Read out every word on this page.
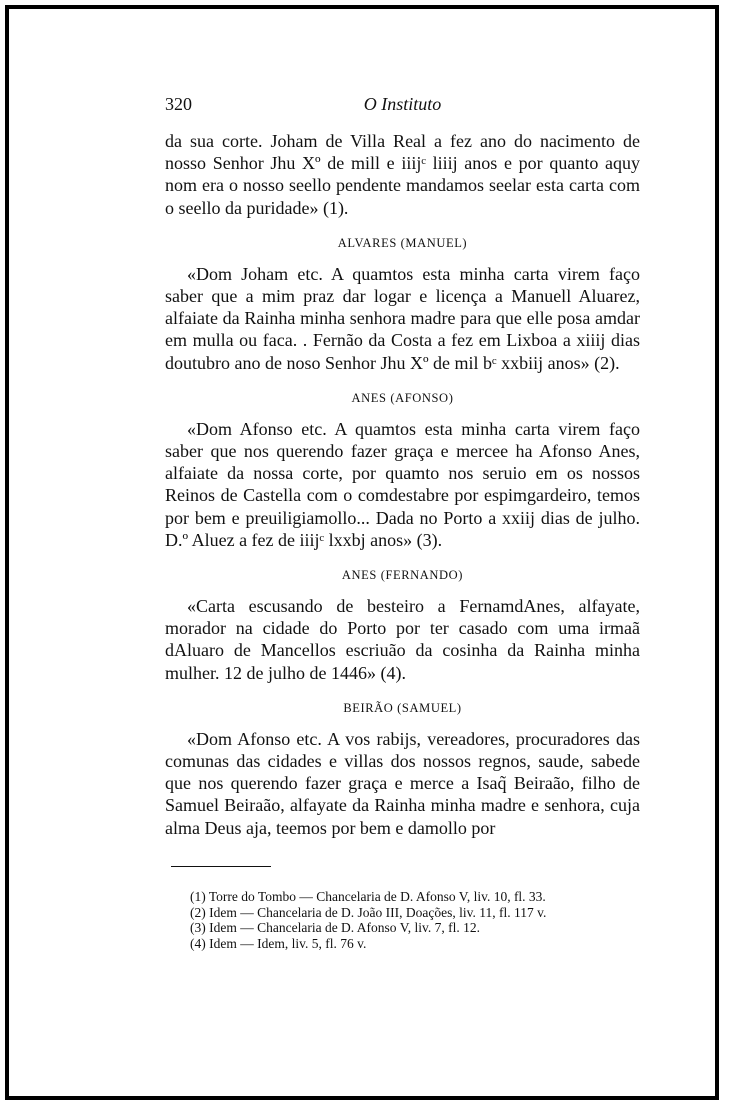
320	O Instituto

da sua corte. Joham de Villa Real a fez ano do nacimento de nosso Senhor Jhu Xº de mill e iiijᶜ liiij anos e por quanto aquy nom era o nosso seello pendente mandamos seelar esta carta com o seello da puridade» (1).

ALVARES (MANUEL)

«Dom Joham etc. A quamtos esta minha carta virem faço saber que a mim praz dar logar e licença a Manuell Aluarez, alfaiate da Rainha minha senhora madre para que elle posa amdar em mulla ou faca. . Fernão da Costa a fez em Lixboa a xiiij dias doutubro ano de noso Senhor Jhu Xº de mil bᶜ xxbiij anos» (2).

ANES (AFONSO)

«Dom Afonso etc. A quamtos esta minha carta virem faço saber que nos querendo fazer graça e mercee ha Afonso Anes, alfaiate da nossa corte, por quamto nos seruio em os nossos Reinos de Castella com o comdestabre por espimgardeiro, temos por bem e preuiligiamollo... Dada no Porto a xxiij dias de julho. D.º Aluez a fez de iiijᶜ lxxbj anos» (3).

ANES (FERNANDO)

«Carta escusando de besteiro a FernamdAnes, alfayate, morador na cidade do Porto por ter casado com uma irmaã dAluaro de Mancellos escriuão da cosinha da Rainha minha mulher. 12 de julho de 1446» (4).

BEIRÃO (SAMUEL)

«Dom Afonso etc. A vos rabijs, vereadores, procuradores das comunas das cidades e villas dos nossos regnos, saude, sabede que nos querendo fazer graça e merce a Isaq̃ Beiraão, filho de Samuel Beiraão, alfayate da Rainha minha madre e senhora, cuja alma Deus aja, teemos por bem e damollo por

(1) Torre do Tombo — Chancelaria de D. Afonso V, liv. 10, fl. 33.

(2) Idem — Chancelaria de D. João III, Doações, liv. 11, fl. 117 v.

(3) Idem — Chancelaria de D. Afonso V, liv. 7, fl. 12.

(4) Idem — Idem, liv. 5, fl. 76 v.
